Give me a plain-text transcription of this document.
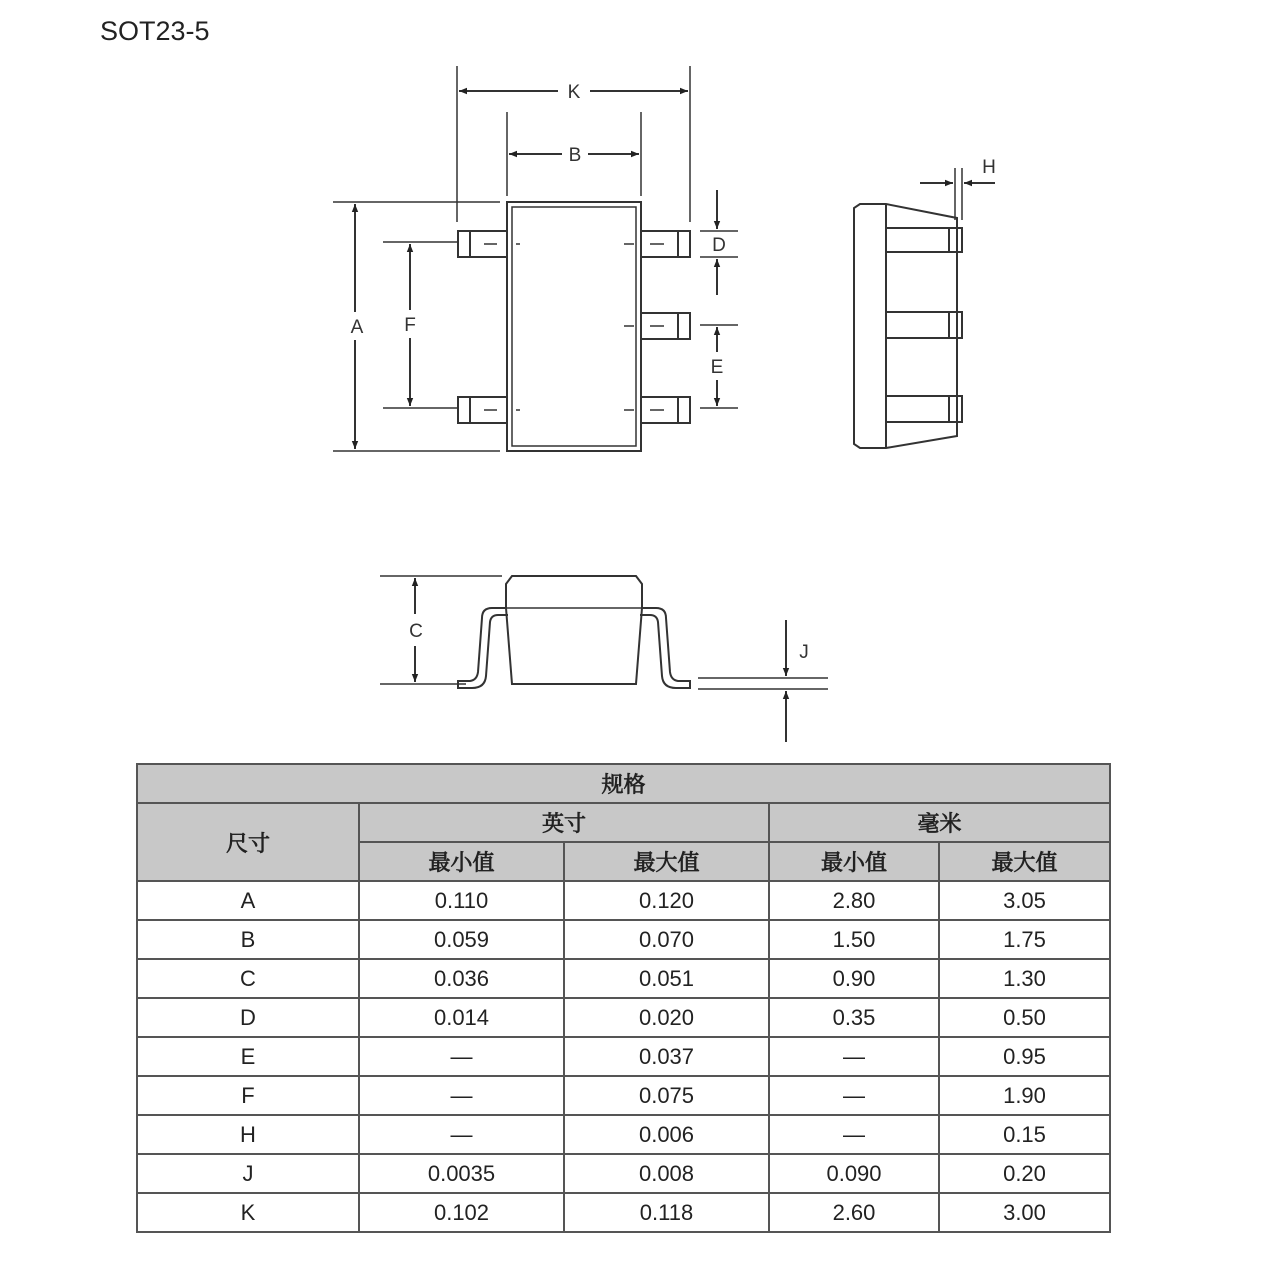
SOT23-5
K
B
A F
D
E
H
C
J
规格				
尺寸	英寸		毫米	
	最小值	最大值	最小值	最大值
A	0.110	0.120	2.80	3.05
B	0.059	0.070	1.50	1.75
C	0.036	0.051	0.90	1.30
D	0.014	0.020	0.35	0.50
E	—	0.037	—	0.95
F	—	0.075	—	1.90
H	—	0.006	—	0.15
J	0.0035	0.008	0.090	0.20
K	0.102	0.118	2.60	3.00
